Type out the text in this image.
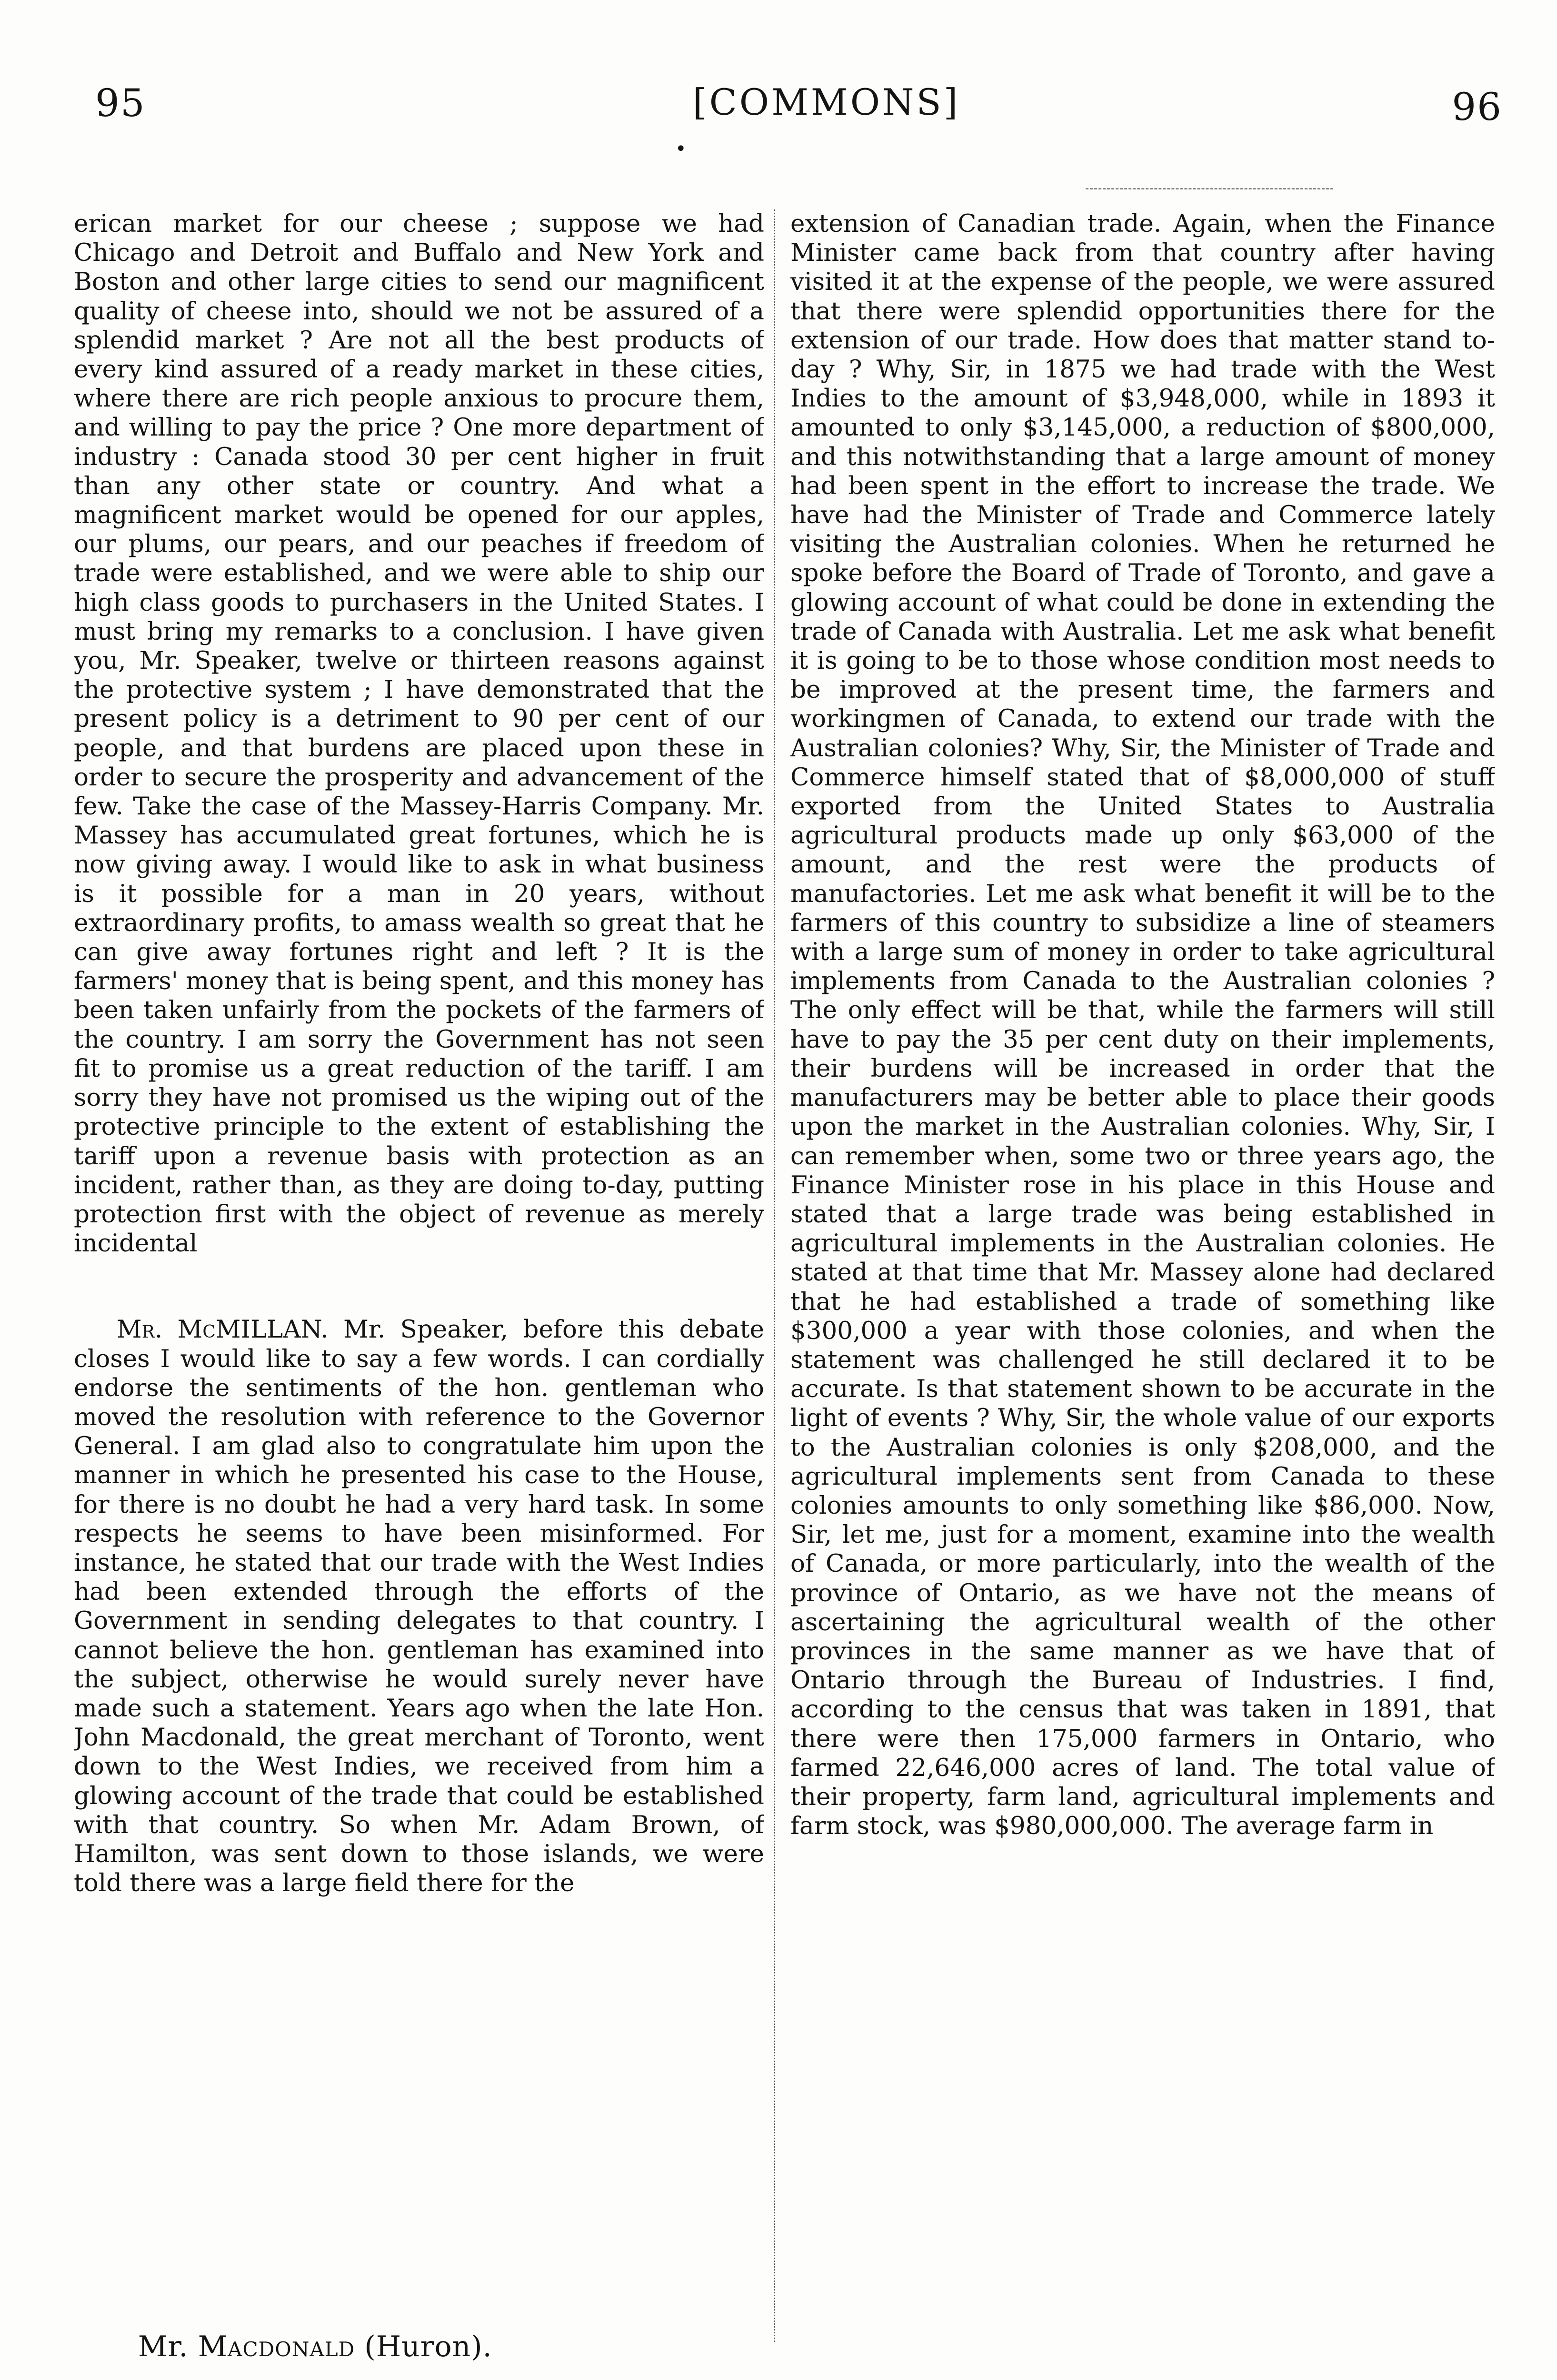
95	[COMMONS]	96
•

erican market for our cheese ; suppose we had Chicago and Detroit and Buffalo and New York and Boston and other large cities to send our magnificent quality of cheese into, should we not be assured of a splendid market ? Are not all the best products of every kind assured of a ready market in these cities, where there are rich people anxious to procure them, and willing to pay the price ? One more department of industry : Canada stood 30 per cent higher in fruit than any other state or country. And what a magnificent market would be opened for our apples, our plums, our pears, and our peaches if freedom of trade were established, and we were able to ship our high class goods to purchasers in the United States. I must bring my remarks to a conclusion. I have given you, Mr. Speaker, twelve or thirteen reasons against the protective system ; I have demonstrated that the present policy is a detriment to 90 per cent of our people, and that burdens are placed upon these in order to secure the prosperity and advancement of the few. Take the case of the Massey-Harris Company. Mr. Massey has accumulated great fortunes, which he is now giving away. I would like to ask in what business is it possible for a man in 20 years, without extraordinary profits, to amass wealth so great that he can give away fortunes right and left ? It is the farmers' money that is being spent, and this money has been taken unfairly from the pockets of the farmers of the country. I am sorry the Government has not seen fit to promise us a great reduction of the tariff. I am sorry they have not promised us the wiping out of the protective principle to the extent of establishing the tariff upon a revenue basis with protection as an incident, rather than, as they are doing to-day, putting protection first with the object of revenue as merely incidental

Mr. McMILLAN. Mr. Speaker, before this debate closes I would like to say a few words. I can cordially endorse the sentiments of the hon. gentleman who moved the resolution with reference to the Governor General. I am glad also to congratulate him upon the manner in which he presented his case to the House, for there is no doubt he had a very hard task. In some respects he seems to have been misinformed. For instance, he stated that our trade with the West Indies had been extended through the efforts of the Government in sending delegates to that country. I cannot believe the hon. gentleman has examined into the subject, otherwise he would surely never have made such a statement. Years ago when the late Hon. John Macdonald, the great merchant of Toronto, went down to the West Indies, we received from him a glowing account of the trade that could be established with that country. So when Mr. Adam Brown, of Hamilton, was sent down to those islands, we were told there was a large field there for the

extension of Canadian trade. Again, when the Finance Minister came back from that country after having visited it at the expense of the people, we were assured that there were splendid opportunities there for the extension of our trade. How does that matter stand to-day ? Why, Sir, in 1875 we had trade with the West Indies to the amount of $3,948,000, while in 1893 it amounted to only $3,145,000, a reduction of $800,000, and this notwithstanding that a large amount of money had been spent in the effort to increase the trade. We have had the Minister of Trade and Commerce lately visiting the Australian colonies. When he returned he spoke before the Board of Trade of Toronto, and gave a glowing account of what could be done in extending the trade of Canada with Australia. Let me ask what benefit it is going to be to those whose condition most needs to be improved at the present time, the farmers and workingmen of Canada, to extend our trade with the Australian colonies? Why, Sir, the Minister of Trade and Commerce himself stated that of $8,000,000 of stuff exported from the United States to Australia agricultural products made up only $63,000 of the amount, and the rest were the products of manufactories. Let me ask what benefit it will be to the farmers of this country to subsidize a line of steamers with a large sum of money in order to take agricultural implements from Canada to the Australian colonies ? The only effect will be that, while the farmers will still have to pay the 35 per cent duty on their implements, their burdens will be increased in order that the manufacturers may be better able to place their goods upon the market in the Australian colonies. Why, Sir, I can remember when, some two or three years ago, the Finance Minister rose in his place in this House and stated that a large trade was being established in agricultural implements in the Australian colonies. He stated at that time that Mr. Massey alone had declared that he had established a trade of something like $300,000 a year with those colonies, and when the statement was challenged he still declared it to be accurate. Is that statement shown to be accurate in the light of events ? Why, Sir, the whole value of our exports to the Australian colonies is only $208,000, and the agricultural implements sent from Canada to these colonies amounts to only something like $86,000. Now, Sir, let me, just for a moment, examine into the wealth of Canada, or more particularly, into the wealth of the province of Ontario, as we have not the means of ascertaining the agricultural wealth of the other provinces in the same manner as we have that of Ontario through the Bureau of Industries. I find, according to the census that was taken in 1891, that there were then 175,000 farmers in Ontario, who farmed 22,646,000 acres of land. The total value of their property, farm land, agricultural implements and farm stock, was $980,000,000. The average farm in

Mr. Macdonald (Huron).
